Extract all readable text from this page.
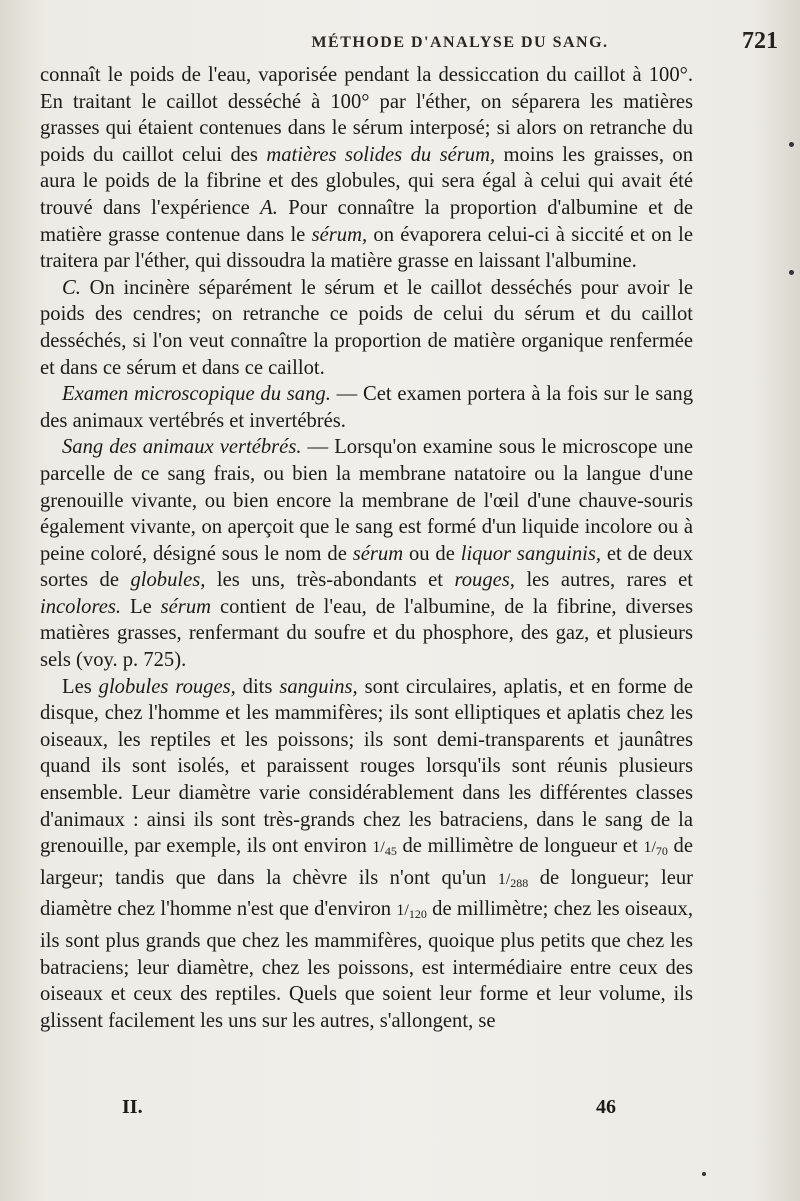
MÉTHODE D'ANALYSE DU SANG.	721

connaît le poids de l'eau, vaporisée pendant la dessiccation du caillot à 100°. En traitant le caillot desséché à 100° par l'éther, on séparera les matières grasses qui étaient contenues dans le sérum interposé; si alors on retranche du poids du caillot celui des matières solides du sérum, moins les graisses, on aura le poids de la fibrine et des globules, qui sera égal à celui qui avait été trouvé dans l'expérience A. Pour connaître la proportion d'albumine et de matière grasse contenue dans le sérum, on évaporera celui-ci à siccité et on le traitera par l'éther, qui dissoudra la matière grasse en laissant l'albumine.

C. On incinère séparément le sérum et le caillot desséchés pour avoir le poids des cendres; on retranche ce poids de celui du sérum et du caillot desséchés, si l'on veut connaître la proportion de matière organique renfermée et dans ce sérum et dans ce caillot.

Examen microscopique du sang. — Cet examen portera à la fois sur le sang des animaux vertébrés et invertébrés.

Sang des animaux vertébrés. — Lorsqu'on examine sous le microscope une parcelle de ce sang frais, ou bien la membrane natatoire ou la langue d'une grenouille vivante, ou bien encore la membrane de l'œil d'une chauve-souris également vivante, on aperçoit que le sang est formé d'un liquide incolore ou à peine coloré, désigné sous le nom de sérum ou de liquor sanguinis, et de deux sortes de globules, les uns, très-abondants et rouges, les autres, rares et incolores. Le sérum contient de l'eau, de l'albumine, de la fibrine, diverses matières grasses, renfermant du soufre et du phosphore, des gaz, et plusieurs sels (voy. p. 725).

Les globules rouges, dits sanguins, sont circulaires, aplatis, et en forme de disque, chez l'homme et les mammifères; ils sont elliptiques et aplatis chez les oiseaux, les reptiles et les poissons; ils sont demi-transparents et jaunâtres quand ils sont isolés, et paraissent rouges lorsqu'ils sont réunis plusieurs ensemble. Leur diamètre varie considérablement dans les différentes classes d'animaux : ainsi ils sont très-grands chez les batraciens, dans le sang de la grenouille, par exemple, ils ont environ $1/_{45}$ de millimètre de longueur et $1/_{70}$ de largeur; tandis que dans la chèvre ils n'ont qu'un $1/_{288}$ de longueur; leur diamètre chez l'homme n'est que d'environ $1/_{120}$ de millimètre; chez les oiseaux, ils sont plus grands que chez les mammifères, quoique plus petits que chez les batraciens; leur diamètre, chez les poissons, est intermédiaire entre ceux des oiseaux et ceux des reptiles. Quels que soient leur forme et leur volume, ils glissent facilement les uns sur les autres, s'allongent, se

II.	46
